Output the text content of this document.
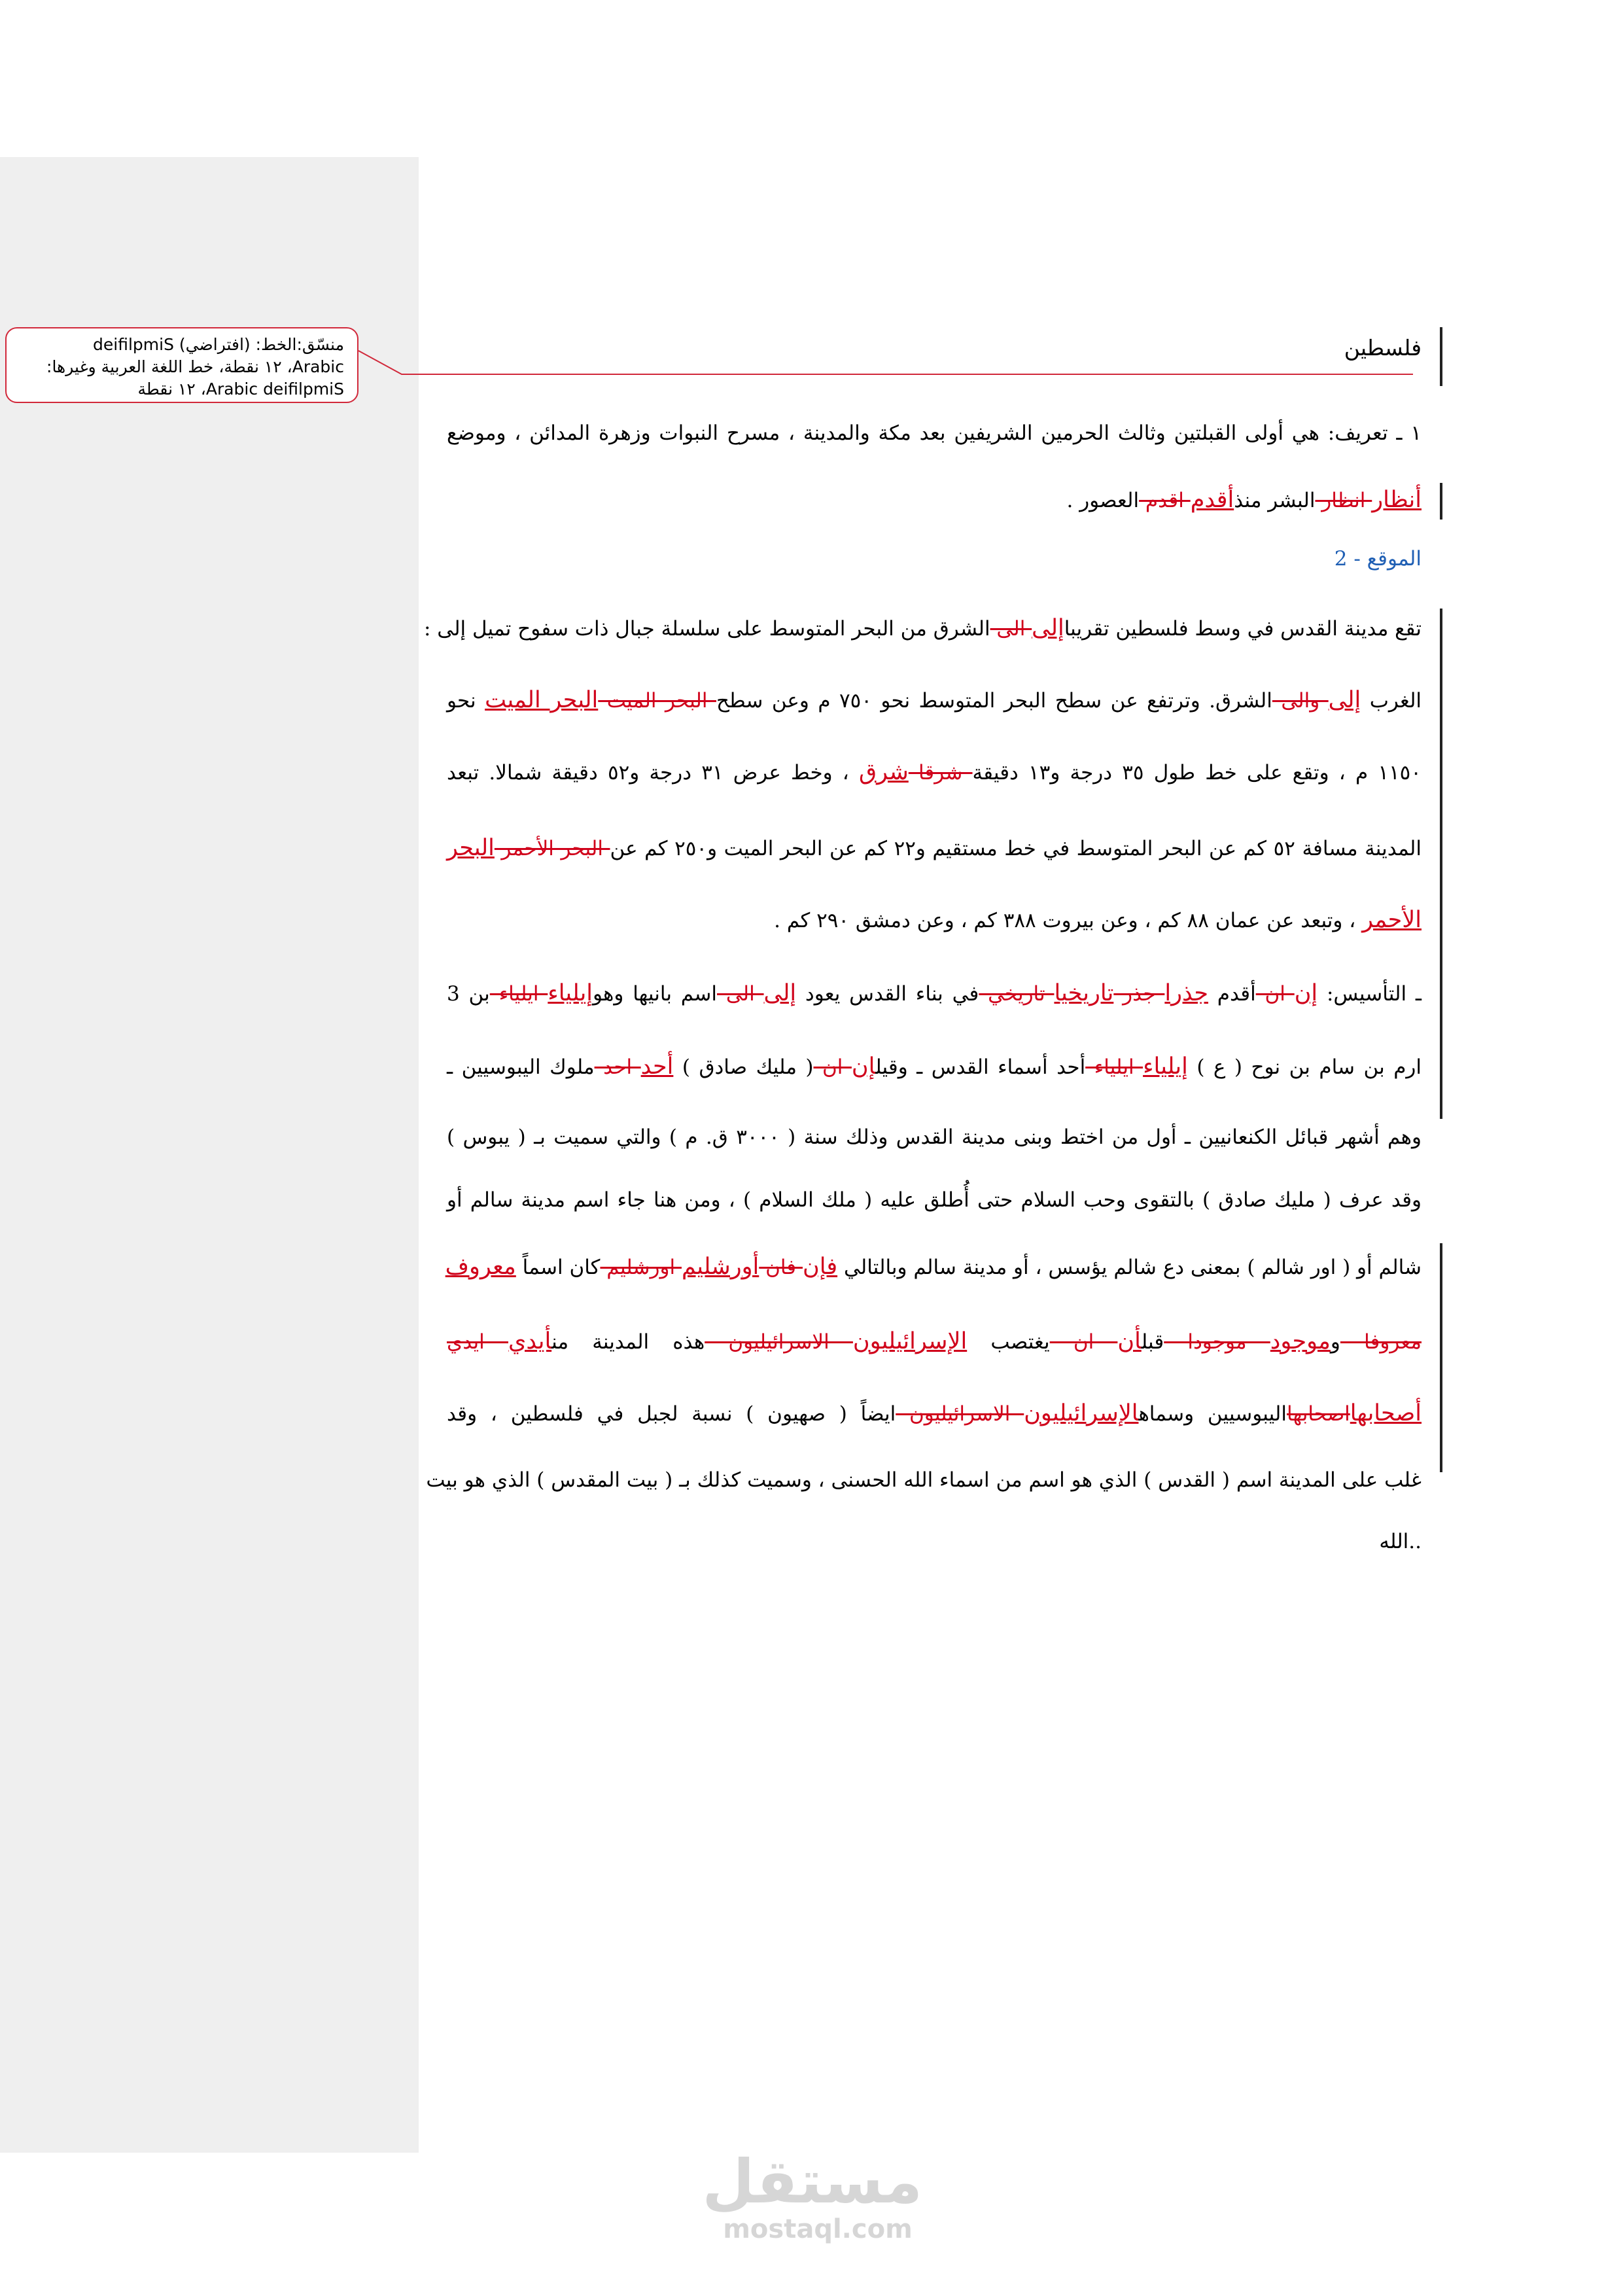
منسّق:الخط: (افتراضي) deifilpmiS
Arabic، ١٢ نقطة، خط اللغة العربية وغيرها:
Arabic deifilpmiS، ١٢ نقطة
فلسطين
١ ـ تعريف: هي أولى القبلتين وثالث الحرمين الشريفين بعد مكة والمدينة ، مسرح النبوات وزهرة المدائن ، وموضع
أنظار انظار البشر منذأقدم اقدم العصور .
الموقع - 2
تقع مدينة القدس في وسط فلسطين تقريباإلى الى الشرق من البحر المتوسط على سلسلة جبال ذات سفوح تميل إلى :
الغرب إلى والى الشرق. وترتفع عن سطح البحر المتوسط نحو ٧٥٠ م وعن سطح البحر الميت البحر الميت نحو
١١٥٠ م ، وتقع على خط طول ٣٥ درجة و١٣ دقيقة شرقا شرق ، وخط عرض ٣١ درجة و٥٢ دقيقة شمالا. تبعد
المدينة مسافة ٥٢ كم عن البحر المتوسط في خط مستقيم و٢٢ كم عن البحر الميت و٢٥٠ كم عن البحر الأحمر البحر
الأحمر ، وتبعد عن عمان ٨٨ كم ، وعن بيروت ٣٨٨ كم ، وعن دمشق ٢٩٠ كم .
ـ التأسيس: إن ان أقدم جذرا جذر تاريخيا تاريخي في بناء القدس يعود إلى الى اسم بانيها وهوإيلياء ايلياء بن 3
ارم بن سام بن نوح ( ع ) إيلياء ايلياء أحد أسماء القدس ـ وقيلإن ان ( مليك صادق ) أحد احد ملوك اليبوسيين ـ
وهم أشهر قبائل الكنعانيين ـ أول من اختط وبنى مدينة القدس وذلك سنة ( ٣٠٠٠ ق. م ) والتي سميت بـ ( يبوس )
وقد عرف ( مليك صادق ) بالتقوى وحب السلام حتى أُطلق عليه ( ملك السلام ) ، ومن هنا جاء اسم مدينة سالم أو
شالم أو ( اور شالم ) بمعنى دع شالم يؤسس ، أو مدينة سالم وبالتالي فإن فان أورشليم اورشليم كان اسماً معروف
معروفا وموجود موجودا قبلأن ان يغتصب الإسرائيليون الاسرائيليون هذه المدينة منأيدي ايدي
أصحابهااصحابهااليبوسيين وسماهالإسرائيليون الاسرائيليون ايضاً ( صهيون ) نسبة لجبل في فلسطين ، وقد
غلب على المدينة اسم ( القدس ) الذي هو اسم من اسماء الله الحسنى ، وسميت كذلك بـ ( بيت المقدس ) الذي هو بيت
..الله
مستقل
mostaql.com
